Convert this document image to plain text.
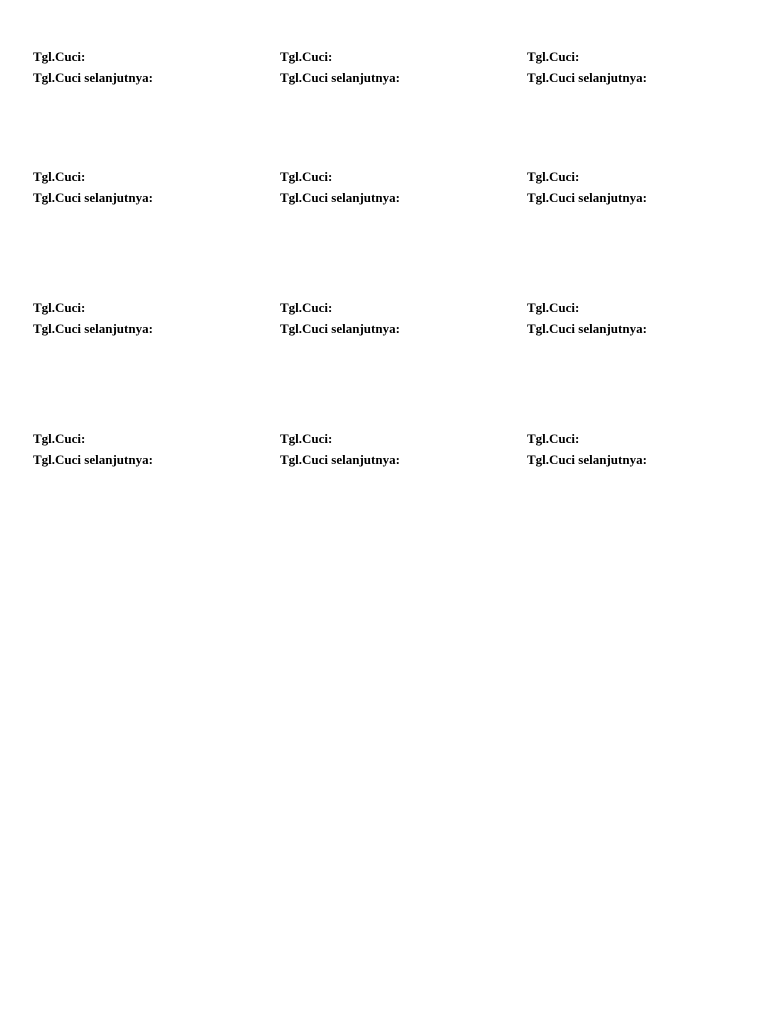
Tgl.Cuci:
Tgl.Cuci selanjutnya:
Tgl.Cuci:
Tgl.Cuci selanjutnya:
Tgl.Cuci:
Tgl.Cuci selanjutnya:
Tgl.Cuci:
Tgl.Cuci selanjutnya:
Tgl.Cuci:
Tgl.Cuci selanjutnya:
Tgl.Cuci:
Tgl.Cuci selanjutnya:
Tgl.Cuci:
Tgl.Cuci selanjutnya:
Tgl.Cuci:
Tgl.Cuci selanjutnya:
Tgl.Cuci:
Tgl.Cuci selanjutnya:
Tgl.Cuci:
Tgl.Cuci selanjutnya:
Tgl.Cuci:
Tgl.Cuci selanjutnya:
Tgl.Cuci:
Tgl.Cuci selanjutnya:
